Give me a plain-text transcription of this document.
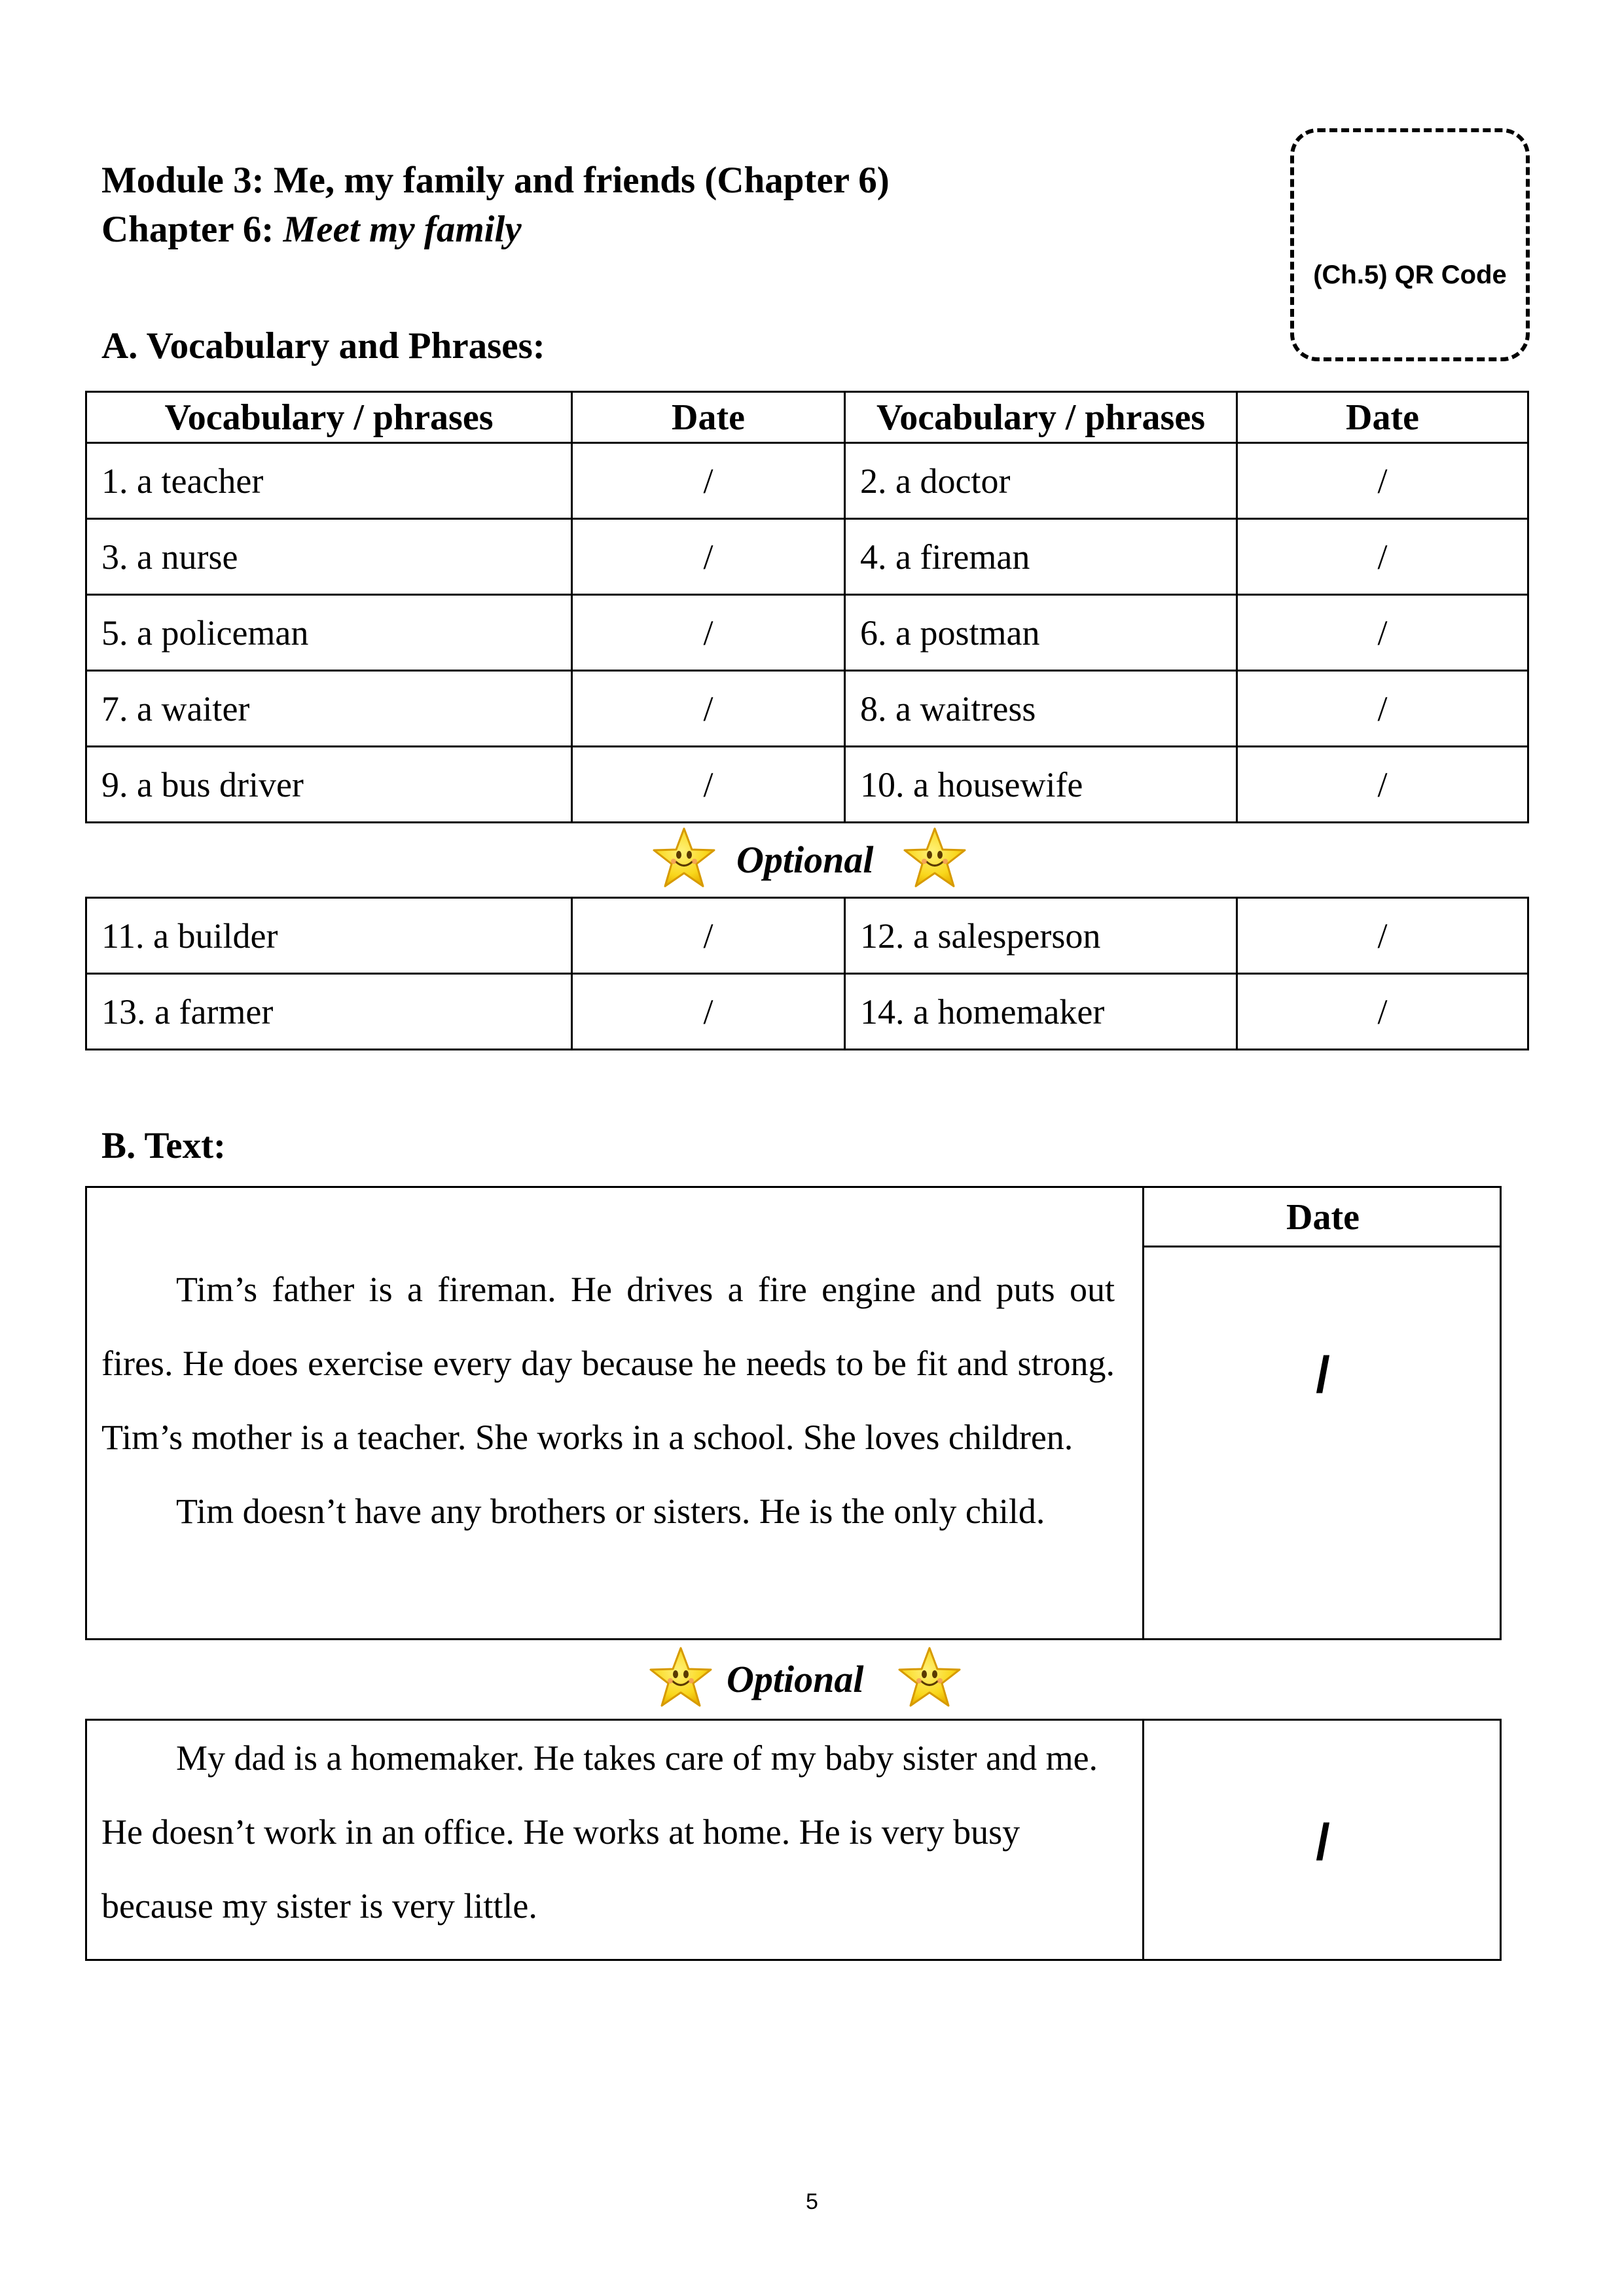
Module 3: Me, my family and friends (Chapter 6)
Chapter 6: Meet my family
(Ch.5) QR Code
A. Vocabulary and Phrases:
Vocabulary / phrases	Date	Vocabulary / phrases	Date
1. a teacher	/	2. a doctor	/
3. a nurse	/	4. a fireman	/
5. a policeman	/	6. a postman	/
7. a waiter	/	8. a waitress	/
9. a bus driver	/	10. a housewife	/
Optional
11. a builder	/	12. a salesperson	/
13. a farmer	/	14. a homemaker	/
B. Text:

Tim’s father is a fireman. He drives a fire engine and puts out fires. He does exercise every day because he needs to be fit and strong. Tim’s mother is a teacher. She works in a school. She loves children.

Tim doesn’t have any brothers or sisters. He is the only child.

Date
/
Optional

My dad is a homemaker. He takes care of my baby sister and me. He doesn’t work in an office. He works at home. He is very busy because my sister is very little.

/
5
